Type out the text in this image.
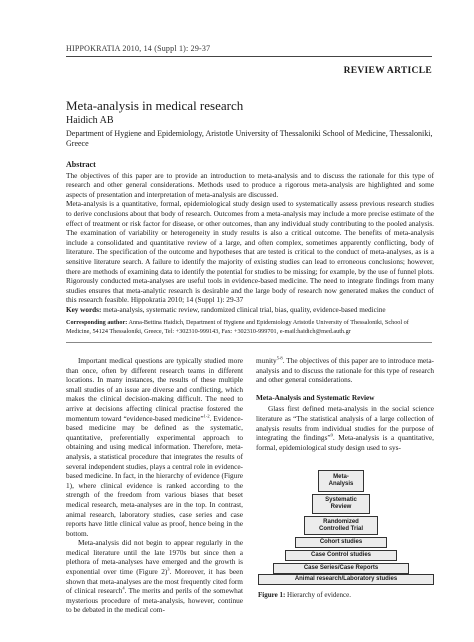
HIPPOKRATIA 2010, 14 (Suppl 1): 29-37
REVIEW ARTICLE
Meta-analysis in medical research
Haidich AB
Department of Hygiene and Epidemiology, Aristotle University of Thessaloniki School of Medicine, Thessaloniki, Greece
Abstract

The objectives of this paper are to provide an introduction to meta-analysis and to discuss the rationale for this type of research and other general considerations. Methods used to produce a rigorous meta-analysis are highlighted and some aspects of presentation and interpretation of meta-analysis are discussed.

Meta-analysis is a quantitative, formal, epidemiological study design used to systematically assess previous research studies to derive conclusions about that body of research. Outcomes from a meta-analysis may include a more precise estimate of the effect of treatment or risk factor for disease, or other outcomes, than any individual study contributing to the pooled analysis. The examination of variability or heterogeneity in study results is also a critical outcome. The benefits of meta-analysis include a consolidated and quantitative review of a large, and often complex, sometimes apparently conflicting, body of literature. The specification of the outcome and hypotheses that are tested is critical to the conduct of meta-analyses, as is a sensitive literature search. A failure to identify the majority of existing studies can lead to erroneous conclusions; however, there are methods of examining data to identify the potential for studies to be missing; for example, by the use of funnel plots. Rigorously conducted meta-analyses are useful tools in evidence-based medicine. The need to integrate findings from many studies ensures that meta-analytic research is desirable and the large body of research now generated makes the conduct of this research feasible. Hippokratia 2010; 14 (Suppl 1): 29-37

Key words: meta-analysis, systematic review, randomized clinical trial, bias, quality, evidence-based medicine
Corresponding author: Anna-Bettina Haidich, Department of Hygiene and Epidemiology Aristotle University of Thessaloniki, School of Medicine, 54124 Thessaloniki, Greece, Tel: +302310-999143, Fax: +302310-999701, e-mail:haidich@med.auth.gr

Important medical questions are typically studied more than once, often by different research teams in different locations. In many instances, the results of these multiple small studies of an issue are diverse and conflicting, which makes the clinical decision-making difficult. The need to arrive at decisions affecting clinical practise fostered the momentum toward “evidence-based medicine”$^{1-2}$. Evidence-based medicine may be defined as the systematic, quantitative, preferentially experimental approach to obtaining and using medical information. Therefore, meta-analysis, a statistical procedure that integrates the results of several independent studies, plays a central role in evidence-based medicine. In fact, in the hierarchy of evidence (Figure 1), where clinical evidence is ranked according to the strength of the freedom from various biases that beset medical research, meta-analyses are in the top. In contrast, animal research, laboratory studies, case series and case reports have little clinical value as proof, hence being in the bottom.

Meta-analysis did not begin to appear regularly in the medical literature until the late 1970s but since then a plethora of meta-analyses have emerged and the growth is exponential over time (Figure 2)$^3$. Moreover, it has been shown that meta-analyses are the most frequently cited form of clinical research$^4$. The merits and perils of the somewhat mysterious procedure of meta-analysis, however, continue to be debated in the medical com-

munity$^{5-8}$. The objectives of this paper are to introduce meta-analysis and to discuss the rationale for this type of research and other general considerations.

Meta-Analysis and Systematic Review

Glass first defined meta-analysis in the social science literature as “The statistical analysis of a large collection of analysis results from individual studies for the purpose of integrating the findings”$^9$. Meta-analysis is a quantitative, formal, epidemiological study design used to sys-

Meta-
Analysis
Systematic
Review
Randomized
Controlled Trial
Cohort studies
Case Control studies
Case Series/Case Reports
Animal research/Laboratory studies
Figure 1: Hierarchy of evidence.
